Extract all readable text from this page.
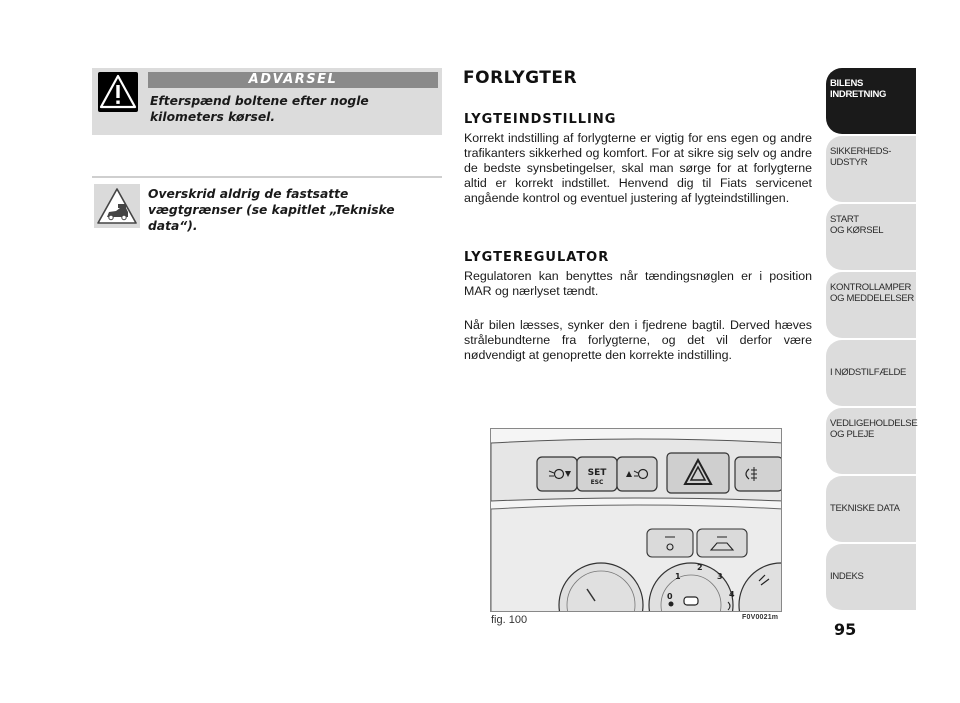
ADVARSEL
Efterspænd boltene efter nogle kilometers kørsel.
Overskrid aldrig de fastsatte vægtgrænser (se kapitlet „Tekniske data“).
FORLYGTER
LYGTEINDSTILLING
Korrekt indstilling af forlygterne er vigtig for ens egen og andre trafikanters sikkerhed og komfort. For at sikre sig selv og andre de bedste synsbetingelser, skal man sørge for at forlygterne altid er korrekt indstillet. Henvend dig til Fiats servicenet angående kontrol og eventuel justering af lygteindstillingen.
LYGTEREGULATOR
Regulatoren kan benyttes når tændingsnøglen er i position MAR og nærlyset tændt.
Når bilen læsses, synker den i fjedrene bagtil. Derved hæves strålebundterne fra forlygterne, og det vil derfor være nødvendigt at genoprette den korrekte indstilling.
SET
ESC
0
1
2
3
4
fig. 100	F0V0021m
BILENS
INDRETNING
SIKKERHEDS-
UDSTYR
START
OG KØRSEL
KONTROLLAMPER
OG MEDDELELSER
I NØDSTILFÆLDE
VEDLIGEHOLDELSE
OG PLEJE
TEKNISKE DATA
INDEKS
95
